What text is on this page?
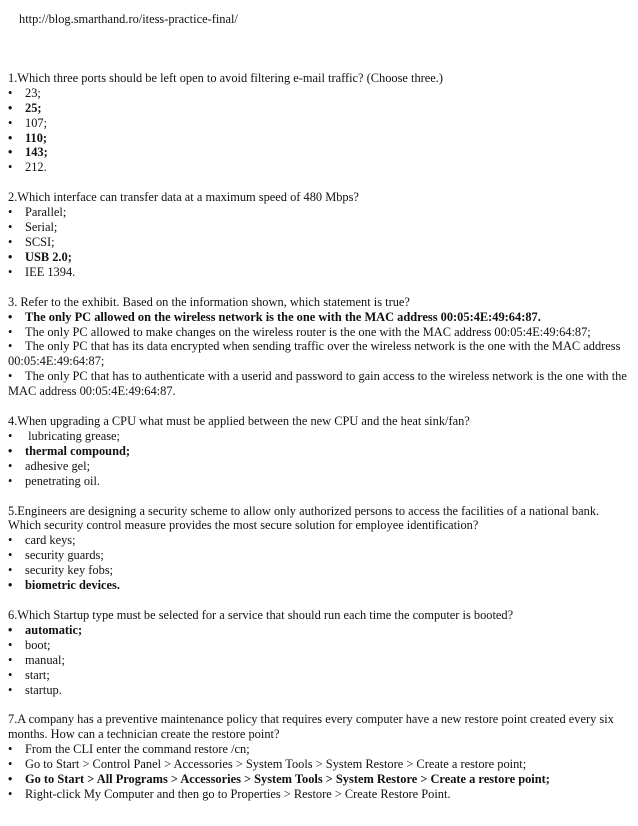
http://blog.smarthand.ro/itess-practice-final/

1.Which three ports should be left open to avoid filtering e-mail traffic? (Choose three.)

• 23;
• 25;
• 107;
• 110;
• 143;
• 212.

2.Which interface can transfer data at a maximum speed of 480 Mbps?

• Parallel;
• Serial;
• SCSI;
• USB 2.0;
• IEE 1394.

3. Refer to the exhibit. Based on the information shown, which statement is true?

• The only PC allowed on the wireless network is the one with the MAC address 00:05:4E:49:64:87.
• The only PC allowed to make changes on the wireless router is the one with the MAC address 00:05:4E:49:64:87;
• The only PC that has its data encrypted when sending traffic over the wireless network is the one with the MAC address 00:05:4E:49:64:87;
• The only PC that has to authenticate with a userid and password to gain access to the wireless network is the one with the MAC address 00:05:4E:49:64:87.

4.When upgrading a CPU what must be applied between the new CPU and the heat sink/fan?

• lubricating grease;
• thermal compound;
• adhesive gel;
• penetrating oil.

5.Engineers are designing a security scheme to allow only authorized persons to access the facilities of a national bank. Which security control measure provides the most secure solution for employee identification?

• card keys;
• security guards;
• security key fobs;
• biometric devices.

6.Which Startup type must be selected for a service that should run each time the computer is booted?

• automatic;
• boot;
• manual;
• start;
• startup.

7.A company has a preventive maintenance policy that requires every computer have a new restore point created every six months. How can a technician create the restore point?

• From the CLI enter the command restore /cn;
• Go to Start > Control Panel > Accessories > System Tools > System Restore > Create a restore point;
• Go to Start > All Programs > Accessories > System Tools > System Restore > Create a restore point;
• Right-click My Computer and then go to Properties > Restore > Create Restore Point.
